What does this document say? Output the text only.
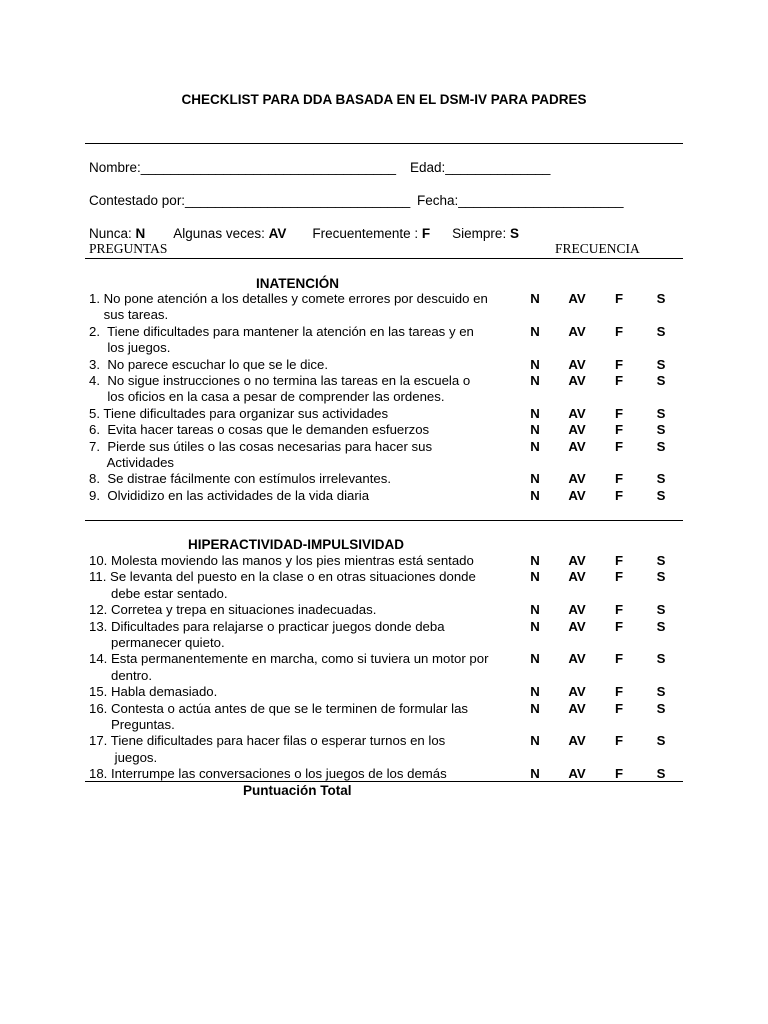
CHECKLIST PARA DDA BASADA EN EL DSM-IV PARA PADRES
Nombre:__________________________________ Edad:______________
Contestado por:______________________________ Fecha:______________________
Nunca: N Algunas veces: AV Frecuentemente : F Siempre: S
PREGUNTAS	FRECUENCIA
INATENCIÓN
1. No pone atención a los detalles y comete errores por descuido en	N	AV	F	S
sus tareas.
2.  Tiene dificultades para mantener la atención en las tareas y en	N	AV	F	S
los juegos.
3.  No parece escuchar lo que se le dice.	N	AV	F	S
4.  No sigue instrucciones o no termina las tareas en la escuela o	N	AV	F	S
los oficios en la casa a pesar de comprender las ordenes.
5. Tiene dificultades para organizar sus actividades	N	AV	F	S
6.  Evita hacer tareas o cosas que le demanden esfuerzos	N	AV	F	S
7.  Pierde sus útiles o las cosas necesarias para hacer sus	N	AV	F	S
Actividades
8.  Se distrae fácilmente con estímulos irrelevantes.	N	AV	F	S
9.  Olvididizo en las actividades de la vida diaria	N	AV	F	S
HIPERACTIVIDAD-IMPULSIVIDAD
10. Molesta moviendo las manos y los pies mientras está sentado	N	AV	F	S
11. Se levanta del puesto en la clase o en otras situaciones donde	N	AV	F	S
debe estar sentado.
12. Corretea y trepa en situaciones inadecuadas.	N	AV	F	S
13. Dificultades para relajarse o practicar juegos donde deba	N	AV	F	S
permanecer quieto.
14. Esta permanentemente en marcha, como si tuviera un motor por	N	AV	F	S
dentro.
15. Habla demasiado.	N	AV	F	S
16. Contesta o actúa antes de que se le terminen de formular las	N	AV	F	S
Preguntas.
17. Tiene dificultades para hacer filas o esperar turnos en los	N	AV	F	S
juegos.
18. Interrumpe las conversaciones o los juegos de los demás	N	AV	F	S
Puntuación Total
